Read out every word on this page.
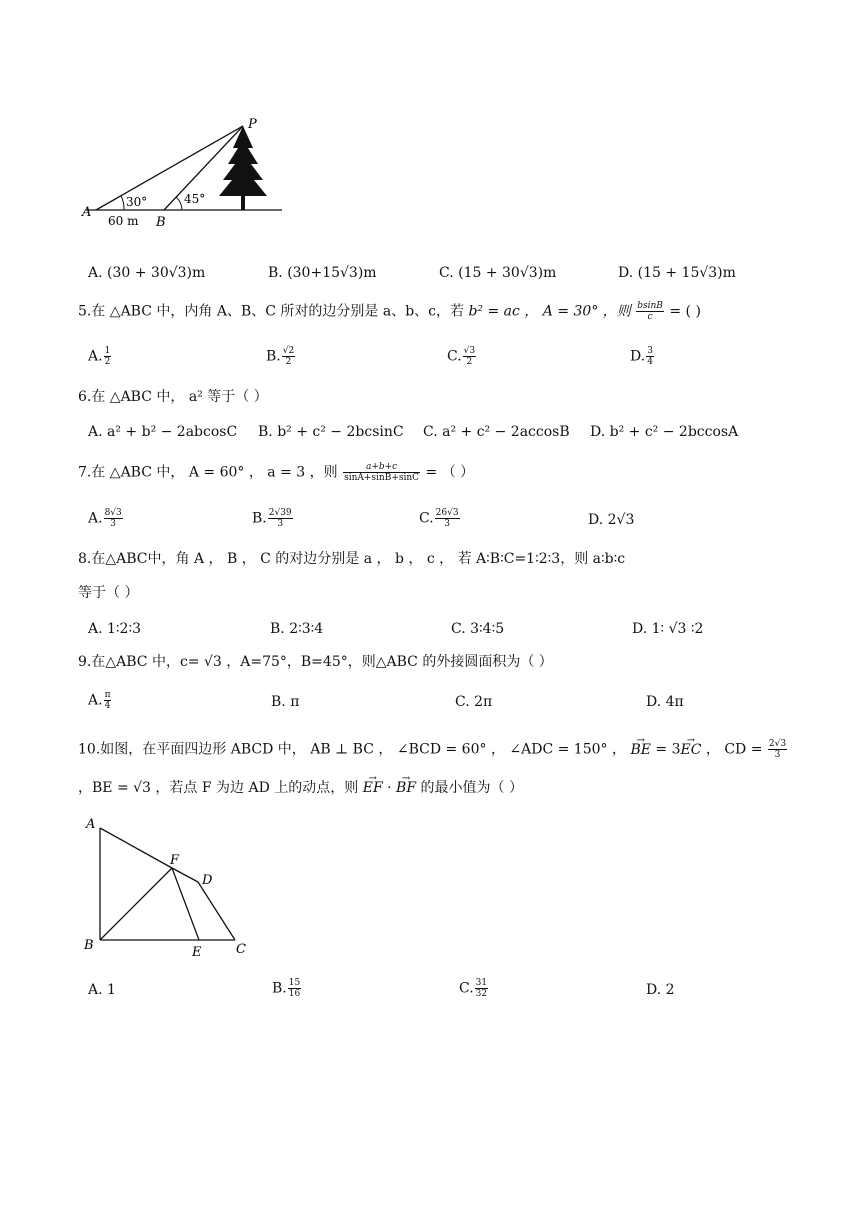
P
A
B
30°	45°
60 m
A. (30 + 30√3)m	B. (30+15√3)m	C. (15 + 30√3)m	D. (15 + 15√3)m
5.在 △ABC 中，内角 A、B、C 所对的边分别是 a、b、c，若 b² = ac ， A = 30° ，则 $\frac{bsinB}{c}$ = ( )
A. $\frac{1}{2}$	B. $\frac{√2}{2}$	C. $\frac{√3}{2}$	D. $\frac{3}{4}$
6.在 △ABC 中， a² 等于（ ）
A. a² + b² − 2abcosC B. b² + c² − 2bcsinC C. a² + c² − 2accosB D. b² + c² − 2bccosA
7.在 △ABC 中， A = 60° ， a = 3 ，则 $\frac{a+b+c}{\sin A+\sin B+\sin C}$ = （ ）
A. $\frac{8√3}{3}$	B. $\frac{2√39}{3}$	C. $\frac{26√3}{3}$	D. 2√3
8.在△ABC中，角 A ， B ， C 的对边分别是 a ， b ， c ， 若 A∶B∶C=1∶2∶3，则 a∶b∶c
等于（ ）
A. 1∶2∶3	B. 2∶3∶4	C. 3∶4∶5	D. 1∶ √3 ∶2
9.在△ABC 中，c= √3 ，A=75°，B=45°，则△ABC 的外接圆面积为（ ）
A. $\frac{\pi}{4}$	B. π	C. 2π	D. 4π
10.如图，在平面四边形 ABCD 中， AB ⊥ BC ， ∠BCD = 60° ， ∠ADC = 150° ， → BE = 3→ EC ， CD = $\frac{2√3}{3}$
，BE = √3 ，若点 F 为边 AD 上的动点，则 → EF · → BF 的最小值为（ ）
A
B	C
D
E
F
A. 1	B. $\frac{15}{16}$	C. $\frac{31}{32}$	D. 2
